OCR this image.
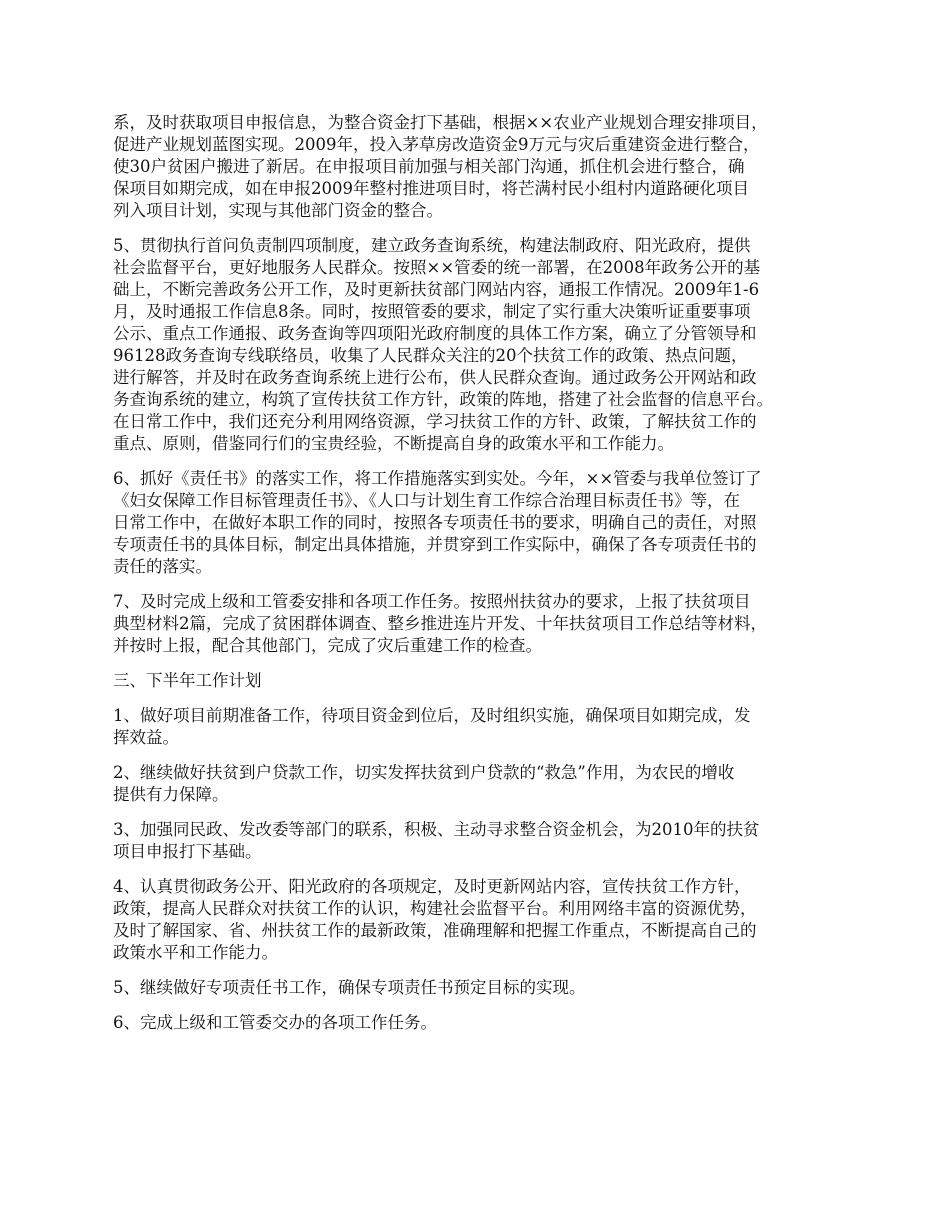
系，及时获取项目申报信息，为整合资金打下基础，根据××农业产业规划合理安排项目，
促进产业规划蓝图实现。2009年，投入茅草房改造资金9万元与灾后重建资金进行整合，
使30户贫困户搬进了新居。在申报项目前加强与相关部门沟通，抓住机会进行整合，确
保项目如期完成，如在申报2009年整村推进项目时，将芒满村民小组村内道路硬化项目
列入项目计划，实现与其他部门资金的整合。

5、贯彻执行首问负责制四项制度，建立政务查询系统，构建法制政府、阳光政府，提供
社会监督平台，更好地服务人民群众。按照××管委的统一部署，在2008年政务公开的基
础上，不断完善政务公开工作，及时更新扶贫部门网站内容，通报工作情况。2009年1-6
月，及时通报工作信息8条。同时，按照管委的要求，制定了实行重大决策听证重要事项
公示、重点工作通报、政务查询等四项阳光政府制度的具体工作方案，确立了分管领导和
96128政务查询专线联络员，收集了人民群众关注的20个扶贫工作的政策、热点问题，
进行解答，并及时在政务查询系统上进行公布，供人民群众查询。通过政务公开网站和政
务查询系统的建立，构筑了宣传扶贫工作方针，政策的阵地，搭建了社会监督的信息平台。
在日常工作中，我们还充分利用网络资源，学习扶贫工作的方针、政策，了解扶贫工作的
重点、原则，借鉴同行们的宝贵经验，不断提高自身的政策水平和工作能力。

6、抓好《责任书》的落实工作，将工作措施落实到实处。今年，××管委与我单位签订了
《妇女保障工作目标管理责任书》、《人口与计划生育工作综合治理目标责任书》等，在
日常工作中，在做好本职工作的同时，按照各专项责任书的要求，明确自己的责任，对照
专项责任书的具体目标，制定出具体措施，并贯穿到工作实际中，确保了各专项责任书的
责任的落实。

7、及时完成上级和工管委安排和各项工作任务。按照州扶贫办的要求，上报了扶贫项目
典型材料2篇，完成了贫困群体调查、整乡推进连片开发、十年扶贫项目工作总结等材料，
并按时上报，配合其他部门，完成了灾后重建工作的检查。

三、下半年工作计划

1、做好项目前期准备工作，待项目资金到位后，及时组织实施，确保项目如期完成，发
挥效益。

2、继续做好扶贫到户贷款工作，切实发挥扶贫到户贷款的“救急”作用，为农民的增收
提供有力保障。

3、加强同民政、发改委等部门的联系，积极、主动寻求整合资金机会，为2010年的扶贫
项目申报打下基础。

4、认真贯彻政务公开、阳光政府的各项规定，及时更新网站内容，宣传扶贫工作方针，
政策，提高人民群众对扶贫工作的认识，构建社会监督平台。利用网络丰富的资源优势，
及时了解国家、省、州扶贫工作的最新政策，准确理解和把握工作重点，不断提高自己的
政策水平和工作能力。

5、继续做好专项责任书工作，确保专项责任书预定目标的实现。

6、完成上级和工管委交办的各项工作任务。
